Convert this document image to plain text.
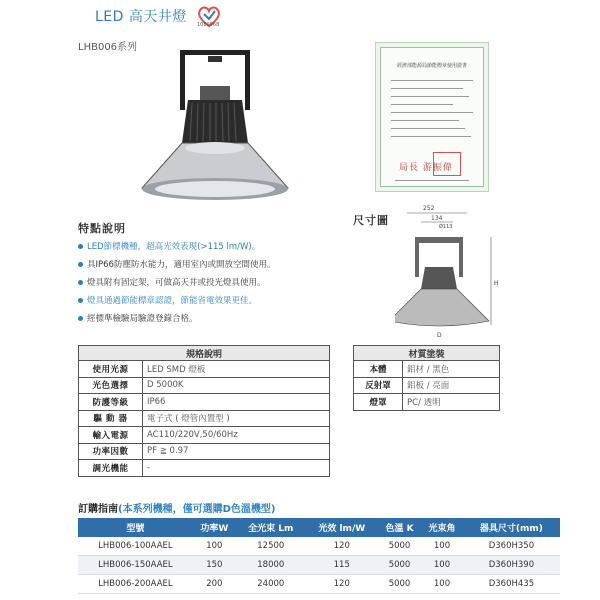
LED 高天井燈 1080968
LHB006系列
經濟部能源局節能標章使用證書
局長 游振偉
特點說明
LED節標機種，超高光效表現(>115 lm/W)。
具IP66防塵防水能力，適用室內或開放空間使用。
燈具附有固定架，可做高天井或投光燈具使用。
燈具通過節能標章認證，節能省電效果更佳。
經標準檢驗局驗證登錄合格。
尺寸圖
252
134
Ø113
H
D
規格說明	
使用光源	LED SMD 燈板
光色選擇	D 5000K
防護等級	IP66
驅 動 器	電子式 ( 燈管內置型 )
輸入電源	AC110/220V,50/60Hz
功率因數	PF ≧ 0.97
調光機能	-
材質塗裝	
本體	鋁材 / 黑色
反射罩	鋁板 / 亮面
燈罩	PC/ 透明
訂購指南(本系列機種，僅可選購D色溫機型)
型號	功率W	全光束 Lm	光效 lm/W	色溫 K	光束角	器具尺寸(mm)
LHB006-100AAEL	100	12500	120	5000	100	D360H350
LHB006-150AAEL	150	18000	115	5000	100	D360H390
LHB006-200AAEL	200	24000	120	5000	100	D360H435
